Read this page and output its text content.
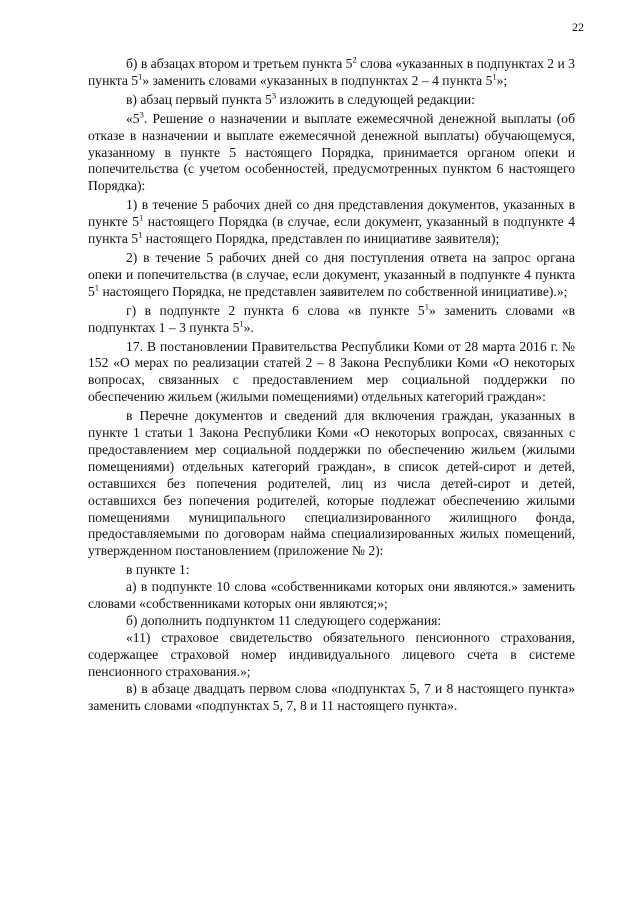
22

б) в абзацах втором и третьем пункта $5^2$ слова «указанных в подпунктах 2 и 3 пункта $5^1$» заменить словами «указанных в подпунктах 2 – 4 пункта $5^1$»;

в) абзац первый пункта $5^3$ изложить в следующей редакции:

«$5^3$. Решение о назначении и выплате ежемесячной денежной выплаты (об отказе в назначении и выплате ежемесячной денежной выплаты) обучающемуся, указанному в пункте 5 настоящего Порядка, принимается органом опеки и попечительства (с учетом особенностей, предусмотренных пунктом 6 настоящего Порядка):

1) в течение 5 рабочих дней со дня представления документов, указанных в пункте $5^1$ настоящего Порядка (в случае, если документ, указанный в подпункте 4 пункта $5^1$ настоящего Порядка, представлен по инициативе заявителя);

2) в течение 5 рабочих дней со дня поступления ответа на запрос органа опеки и попечительства (в случае, если документ, указанный в подпункте 4 пункта $5^1$ настоящего Порядка, не представлен заявителем по собственной инициативе).»;

г) в подпункте 2 пункта 6 слова «в пункте $5^1$» заменить словами «в подпунктах 1 – 3 пункта $5^1$».

17. В постановлении Правительства Республики Коми от 28 марта 2016 г. № 152 «О мерах по реализации статей 2 – 8 Закона Республики Коми «О некоторых вопросах, связанных с предоставлением мер социальной поддержки по обеспечению жильем (жилыми помещениями) отдельных категорий граждан»:

в Перечне документов и сведений для включения граждан, указанных в пункте 1 статьи 1 Закона Республики Коми «О некоторых вопросах, связанных с предоставлением мер социальной поддержки по обеспечению жильем (жилыми помещениями) отдельных категорий граждан», в список детей-сирот и детей, оставшихся без попечения родителей, лиц из числа детей-сирот и детей, оставшихся без попечения родителей, которые подлежат обеспечению жилыми помещениями муниципального специализированного жилищного фонда, предоставляемыми по договорам найма специализированных жилых помещений, утвержденном постановлением (приложение № 2):

в пункте 1:

а) в подпункте 10 слова «собственниками которых они являются.» заменить словами «собственниками которых они являются;»;

б) дополнить подпунктом 11 следующего содержания:

«11) страховое свидетельство обязательного пенсионного страхования, содержащее страховой номер индивидуального лицевого счета в системе пенсионного страхования.»;

в) в абзаце двадцать первом слова «подпунктах 5, 7 и 8 настоящего пункта» заменить словами «подпунктах 5, 7, 8 и 11 настоящего пункта».
